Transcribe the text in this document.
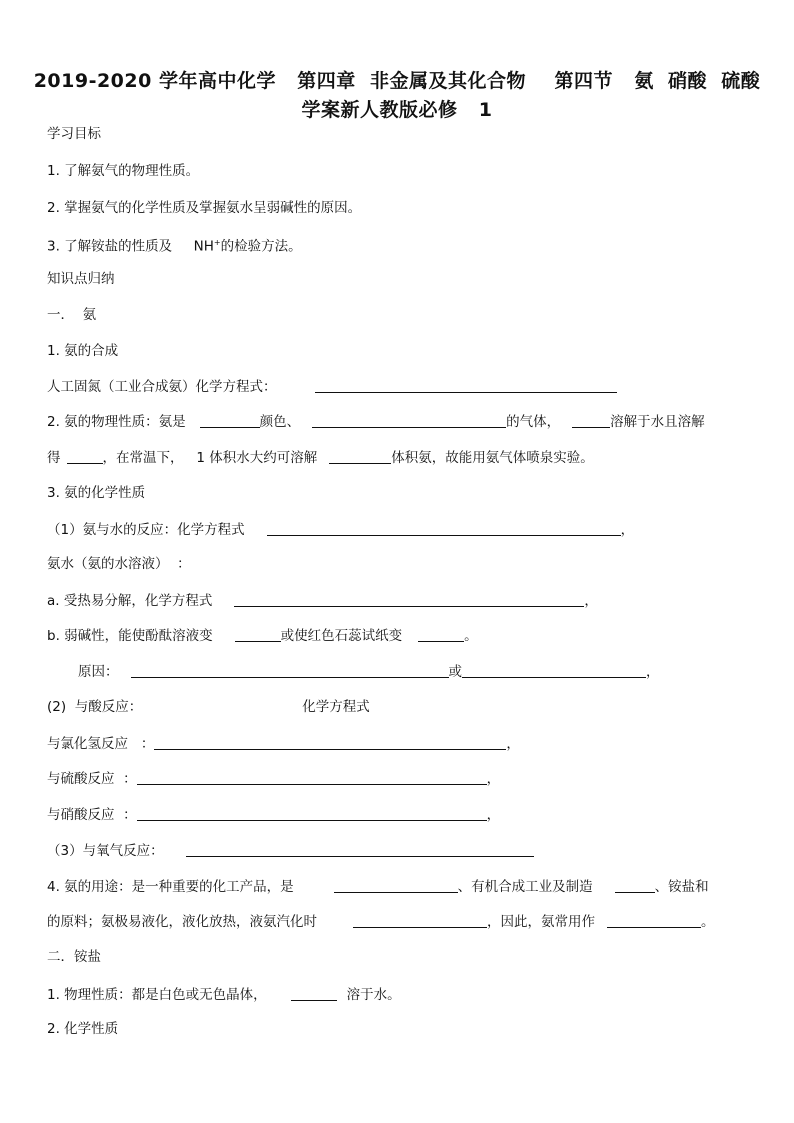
2019-2020 学年高中化学   第四章  非金属及其化合物    第四节   氨  硝酸  硫酸
学案新人教版必修   1
学习目标
1. 了解氨气的物理性质。
2. 掌握氨气的化学性质及掌握氨水呈弱碱性的原因。
3. 了解铵盐的性质及     NH+的检验方法。
知识点归纳
一．  氨
1. 氨的合成
人工固氮（工业合成氨）化学方程式：
2. 氨的物理性质：氨是	颜色、	的气体，	溶解于水且溶解
得	，在常温下，   1 体积水大约可溶解	体积氨，故能用氨气体喷泉实验。
3. 氨的化学性质
（1）氨与水的反应：化学方程式	，
氨水（氨的水溶液）  ：
a. 受热易分解，化学方程式	，
b. 弱碱性，能使酚酞溶液变	或使红色石蕊试纸变	。
原因：	或	，
(2)  与酸反应：	化学方程式
与氯化氢反应   ：	，
与硫酸反应  ：	，
与硝酸反应  ：	，
（3）与氧气反应：
4. 氨的用途：是一种重要的化工产品，是	、有机合成工业及制造	、铵盐和
的原料；氨极易液化，液化放热，液氨汽化时	，因此，氨常用作	。
二．铵盐
1. 物理性质：都是白色或无色晶体，	溶于水。
2. 化学性质
